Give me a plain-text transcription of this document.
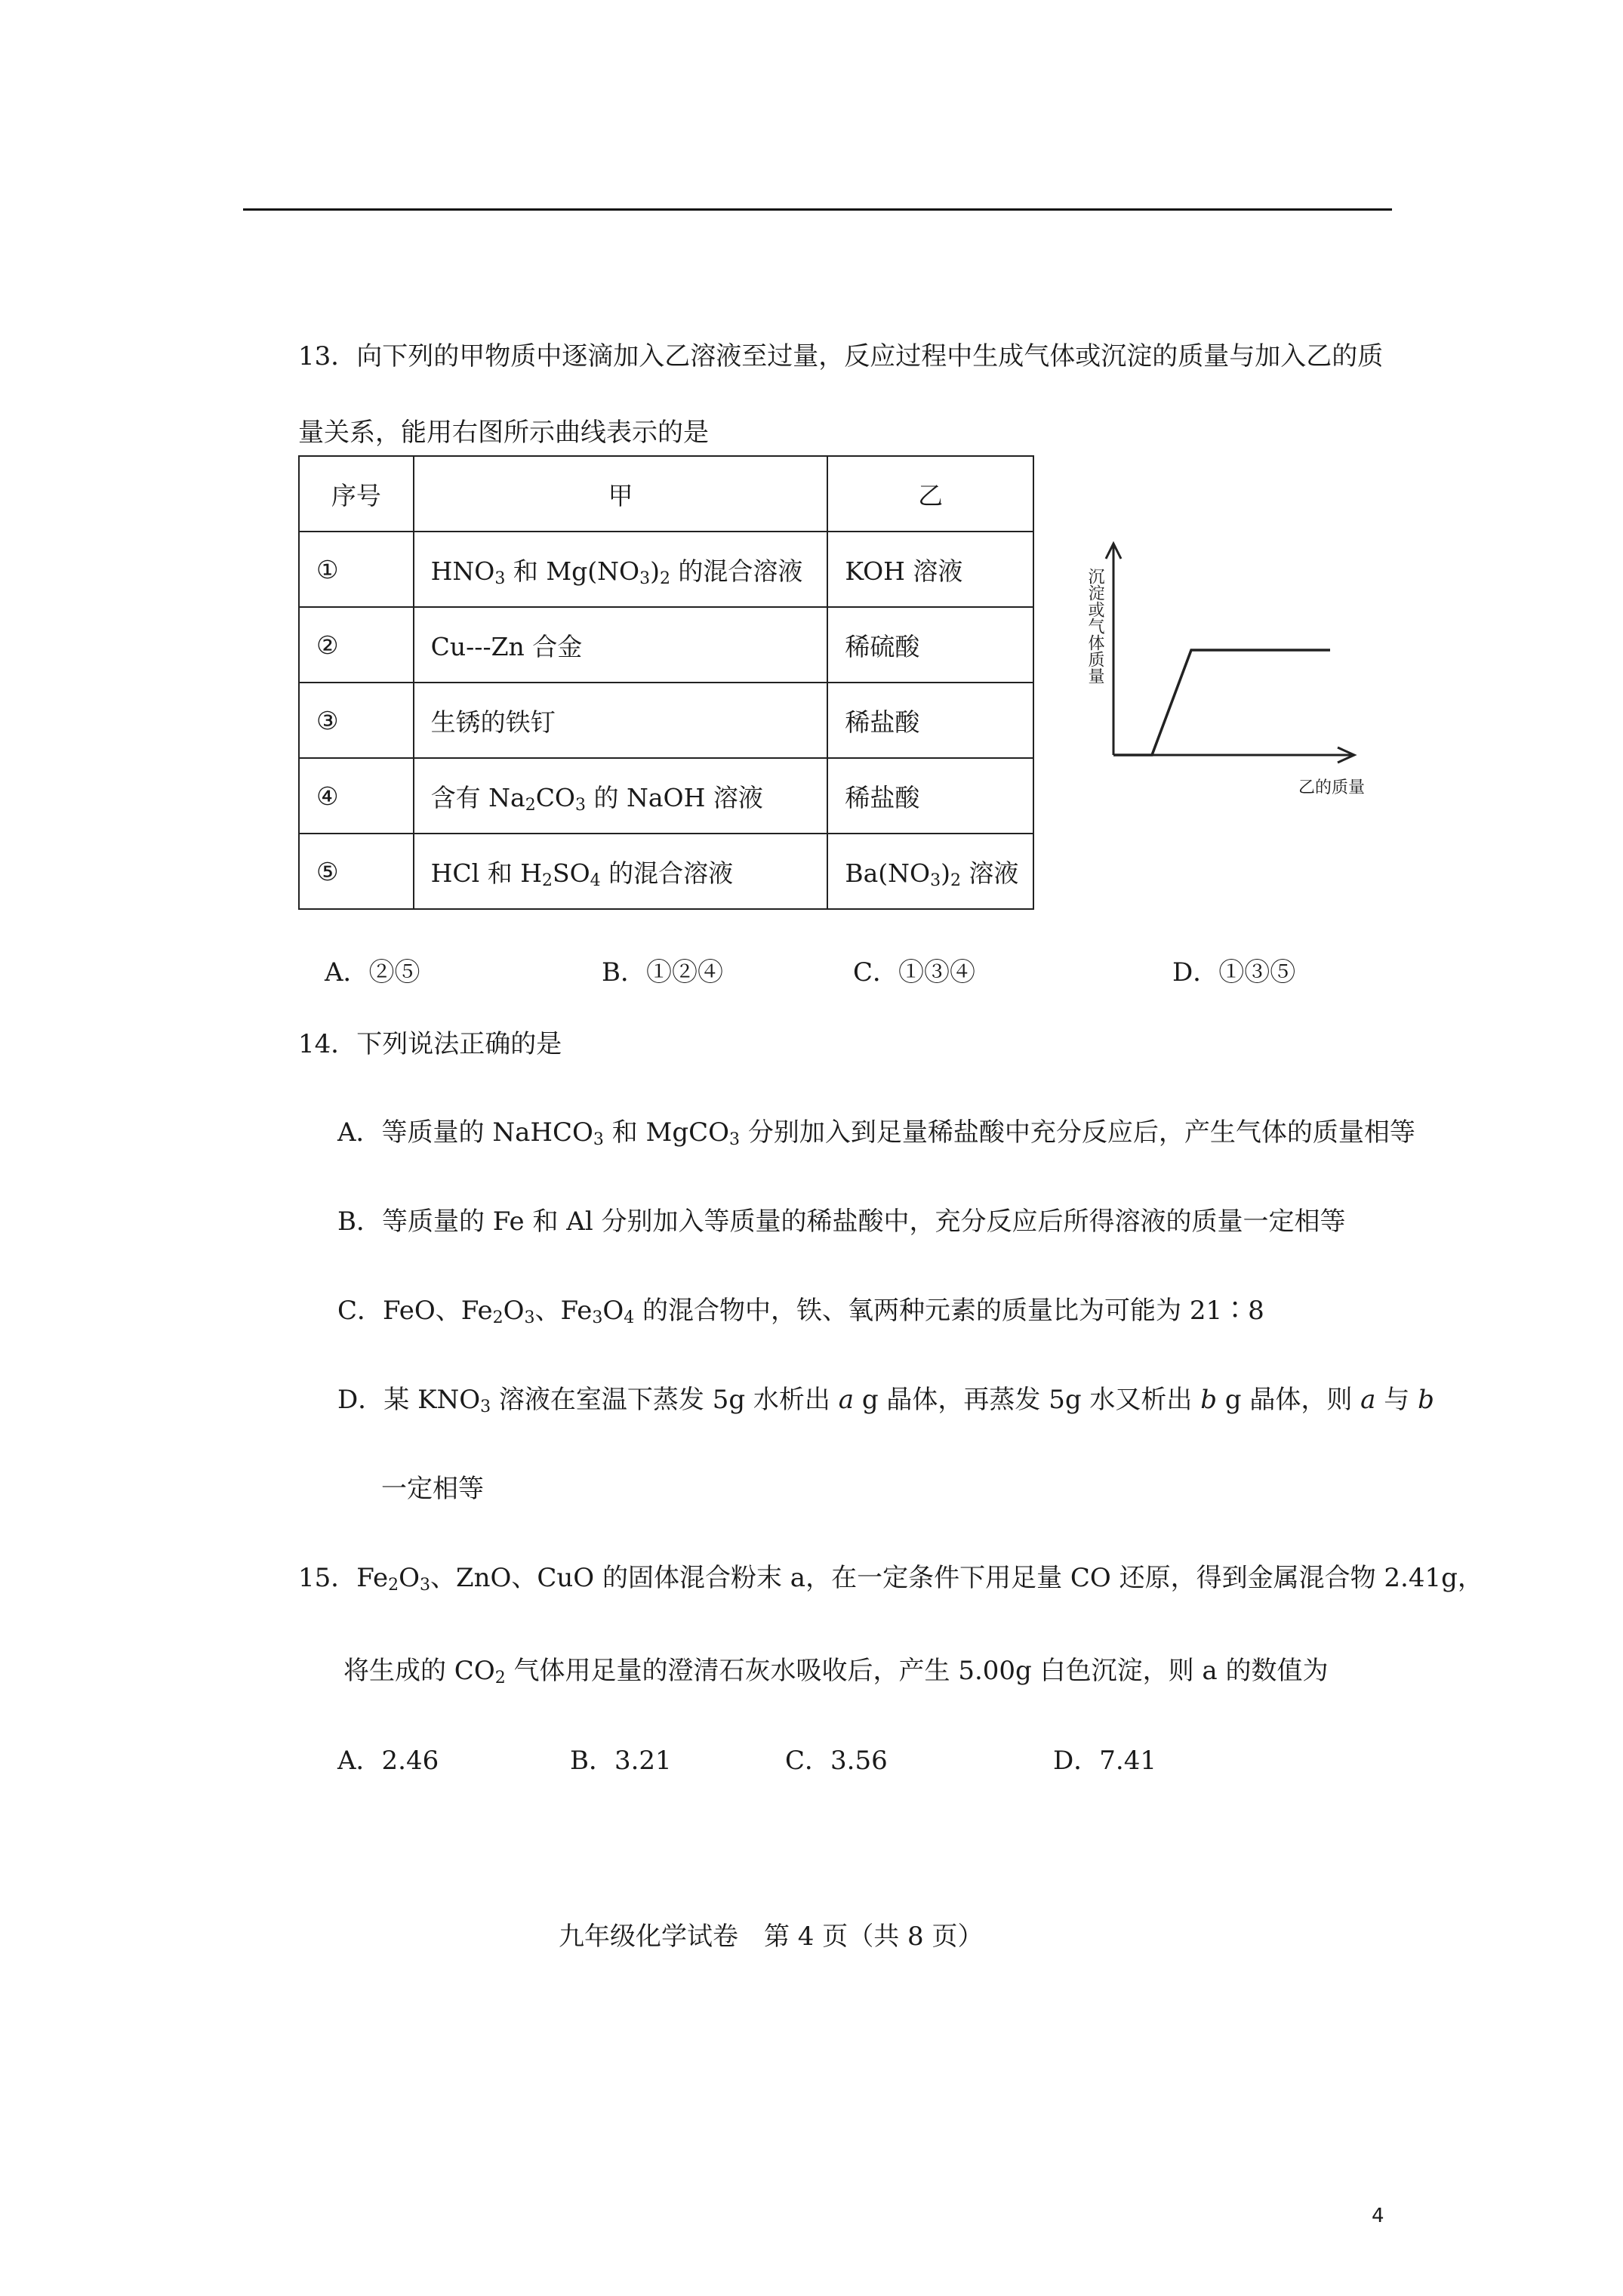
13．向下列的甲物质中逐滴加入乙溶液至过量，反应过程中生成气体或沉淀的质量与加入乙的质
量关系，能用右图所示曲线表示的是
序号	甲	乙
①	$HNO_3$ 和 $Mg(NO_3)_2$ 的混合溶液	KOH 溶液
②	Cu---Zn 合金	稀硫酸
③	生锈的铁钉	稀盐酸
④	含有 $Na_2CO_3$ 的 NaOH 溶液	稀盐酸
⑤	HCl 和 $H_2SO_4$ 的混合溶液	$Ba(NO_3)_2$ 溶液
沉淀或气体质量
乙的质量
A．②⑤	B．①②④	C．①③④	D．①③⑤
14．下列说法正确的是
A．等质量的 NaHCO$_3$ 和 MgCO$_3$ 分别加入到足量稀盐酸中充分反应后，产生气体的质量相等
B．等质量的 Fe 和 Al 分别加入等质量的稀盐酸中，充分反应后所得溶液的质量一定相等
C．FeO、$Fe_2O_3$、$Fe_3O_4$ 的混合物中，铁、氧两种元素的质量比为可能为 21∶8
D．某 $KNO_3$ 溶液在室温下蒸发 5g 水析出 a g 晶体，再蒸发 5g 水又析出 b g 晶体，则 a 与 b
一定相等
15．$Fe_2O_3$、ZnO、CuO 的固体混合粉末 a，在一定条件下用足量 CO 还原，得到金属混合物 2.41g，
将生成的 $CO_2$ 气体用足量的澄清石灰水吸收后，产生 5.00g 白色沉淀，则 a 的数值为
A．2.46	B．3.21	C．3.56	D．7.41
九年级化学试卷　第 4 页（共 8 页）
4
